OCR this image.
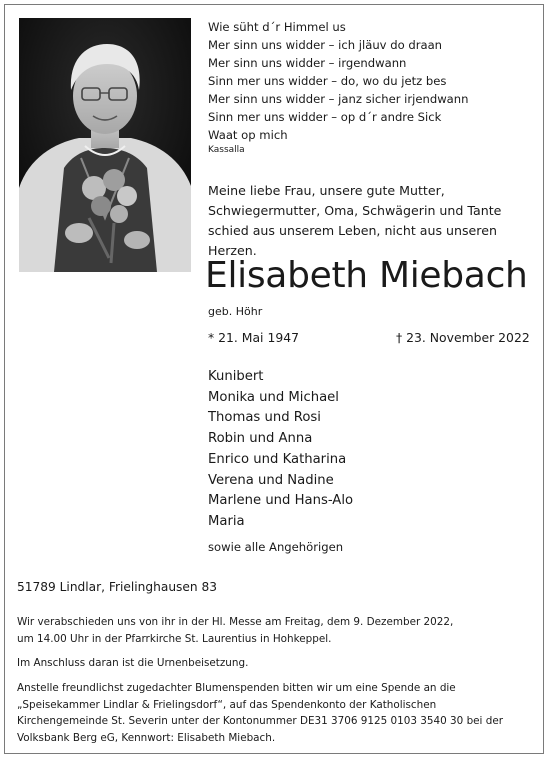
Wie süht d´r Himmel us
Mer sinn uns widder – ich jläuv do draan
Mer sinn uns widder – irgendwann
Sinn mer uns widder – do, wo du jetz bes
Mer sinn uns widder – janz sicher irjendwann
Sinn mer uns widder – op d´r andre Sick
Waat op mich
Kassalla
Meine liebe Frau, unsere gute Mutter, Schwiegermutter, Oma, Schwägerin und Tante schied aus unserem Leben, nicht aus unseren Herzen.
Elisabeth Miebach
geb. Höhr
* 21. Mai 1947	† 23. November 2022
Kunibert
Monika und Michael
Thomas und Rosi
Robin und Anna
Enrico und Katharina
Verena und Nadine
Marlene und Hans-Alo
Maria
sowie alle Angehörigen
51789 Lindlar, Frielinghausen 83
Wir verabschieden uns von ihr in der Hl. Messe am Freitag, dem 9. Dezember 2022,
um 14.00 Uhr in der Pfarrkirche St. Laurentius in Hohkeppel.
Im Anschluss daran ist die Urnenbeisetzung.
Anstelle freundlichst zugedachter Blumenspenden bitten wir um eine Spende an die
„Speisekammer Lindlar & Frielingsdorf“, auf das Spendenkonto der Katholischen
Kirchengemeinde St. Severin unter der Kontonummer DE31 3706 9125 0103 3540 30 bei der
Volksbank Berg eG, Kennwort: Elisabeth Miebach.
